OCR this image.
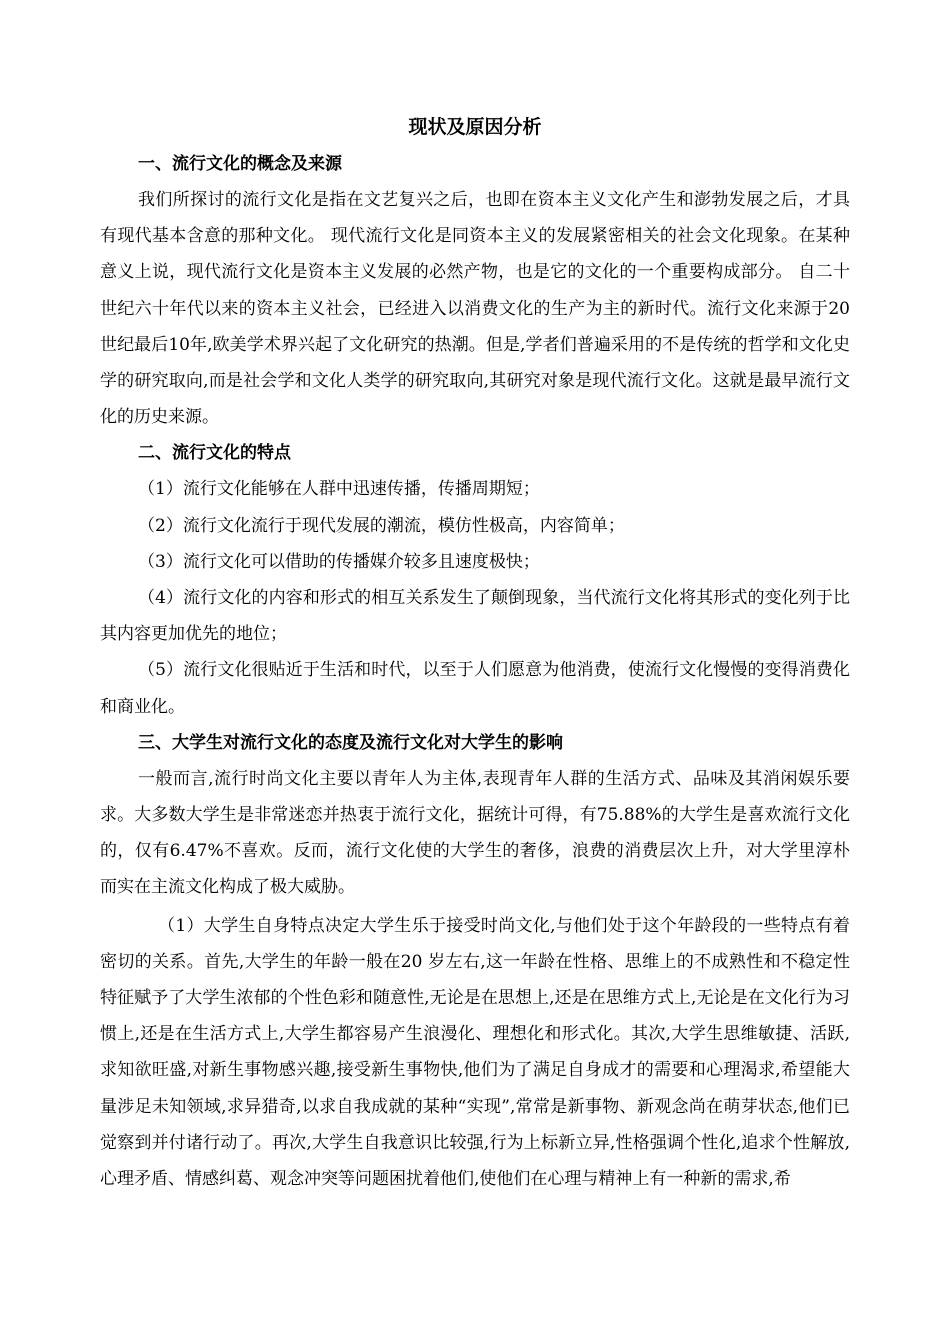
现状及原因分析
一、流行文化的概念及来源

我们所探讨的流行文化是指在文艺复兴之后，也即在资本主义文化产生和澎勃发展之后，才具有现代基本含意的那种文化。 现代流行文化是同资本主义的发展紧密相关的社会文化现象。在某种意义上说，现代流行文化是资本主义发展的必然产物，也是它的文化的一个重要构成部分。 自二十世纪六十年代以来的资本主义社会，已经进入以消费文化的生产为主的新时代。流行文化来源于20世纪最后10年,欧美学术界兴起了文化研究的热潮。但是,学者们普遍采用的不是传统的哲学和文化史学的研究取向,而是社会学和文化人类学的研究取向,其研究对象是现代流行文化。这就是最早流行文化的历史来源。

二、流行文化的特点

（1）流行文化能够在人群中迅速传播，传播周期短；

（2）流行文化流行于现代发展的潮流，模仿性极高，内容简单；

（3）流行文化可以借助的传播媒介较多且速度极快；

（4）流行文化的内容和形式的相互关系发生了颠倒现象，当代流行文化将其形式的变化列于比其内容更加优先的地位；

（5）流行文化很贴近于生活和时代，以至于人们愿意为他消费，使流行文化慢慢的变得消费化和商业化。

三、大学生对流行文化的态度及流行文化对大学生的影响

一般而言,流行时尚文化主要以青年人为主体,表现青年人群的生活方式、品味及其消闲娱乐要求。大多数大学生是非常迷恋并热衷于流行文化，据统计可得，有75.88%的大学生是喜欢流行文化的，仅有6.47%不喜欢。反而，流行文化使的大学生的奢侈，浪费的消费层次上升，对大学里淳朴而实在主流文化构成了极大威胁。

（1）大学生自身特点决定大学生乐于接受时尚文化,与他们处于这个年龄段的一些特点有着密切的关系。首先,大学生的年龄一般在20 岁左右,这一年龄在性格、思维上的不成熟性和不稳定性特征赋予了大学生浓郁的个性色彩和随意性,无论是在思想上,还是在思维方式上,无论是在文化行为习惯上,还是在生活方式上,大学生都容易产生浪漫化、理想化和形式化。其次,大学生思维敏捷、活跃,求知欲旺盛,对新生事物感兴趣,接受新生事物快,他们为了满足自身成才的需要和心理渴求,希望能大量涉足未知领域,求异猎奇,以求自我成就的某种“实现”,常常是新事物、新观念尚在萌芽状态,他们已觉察到并付诸行动了。再次,大学生自我意识比较强,行为上标新立异,性格强调个性化,追求个性解放,心理矛盾、情感纠葛、观念冲突等问题困扰着他们,使他们在心理与精神上有一种新的需求,希
